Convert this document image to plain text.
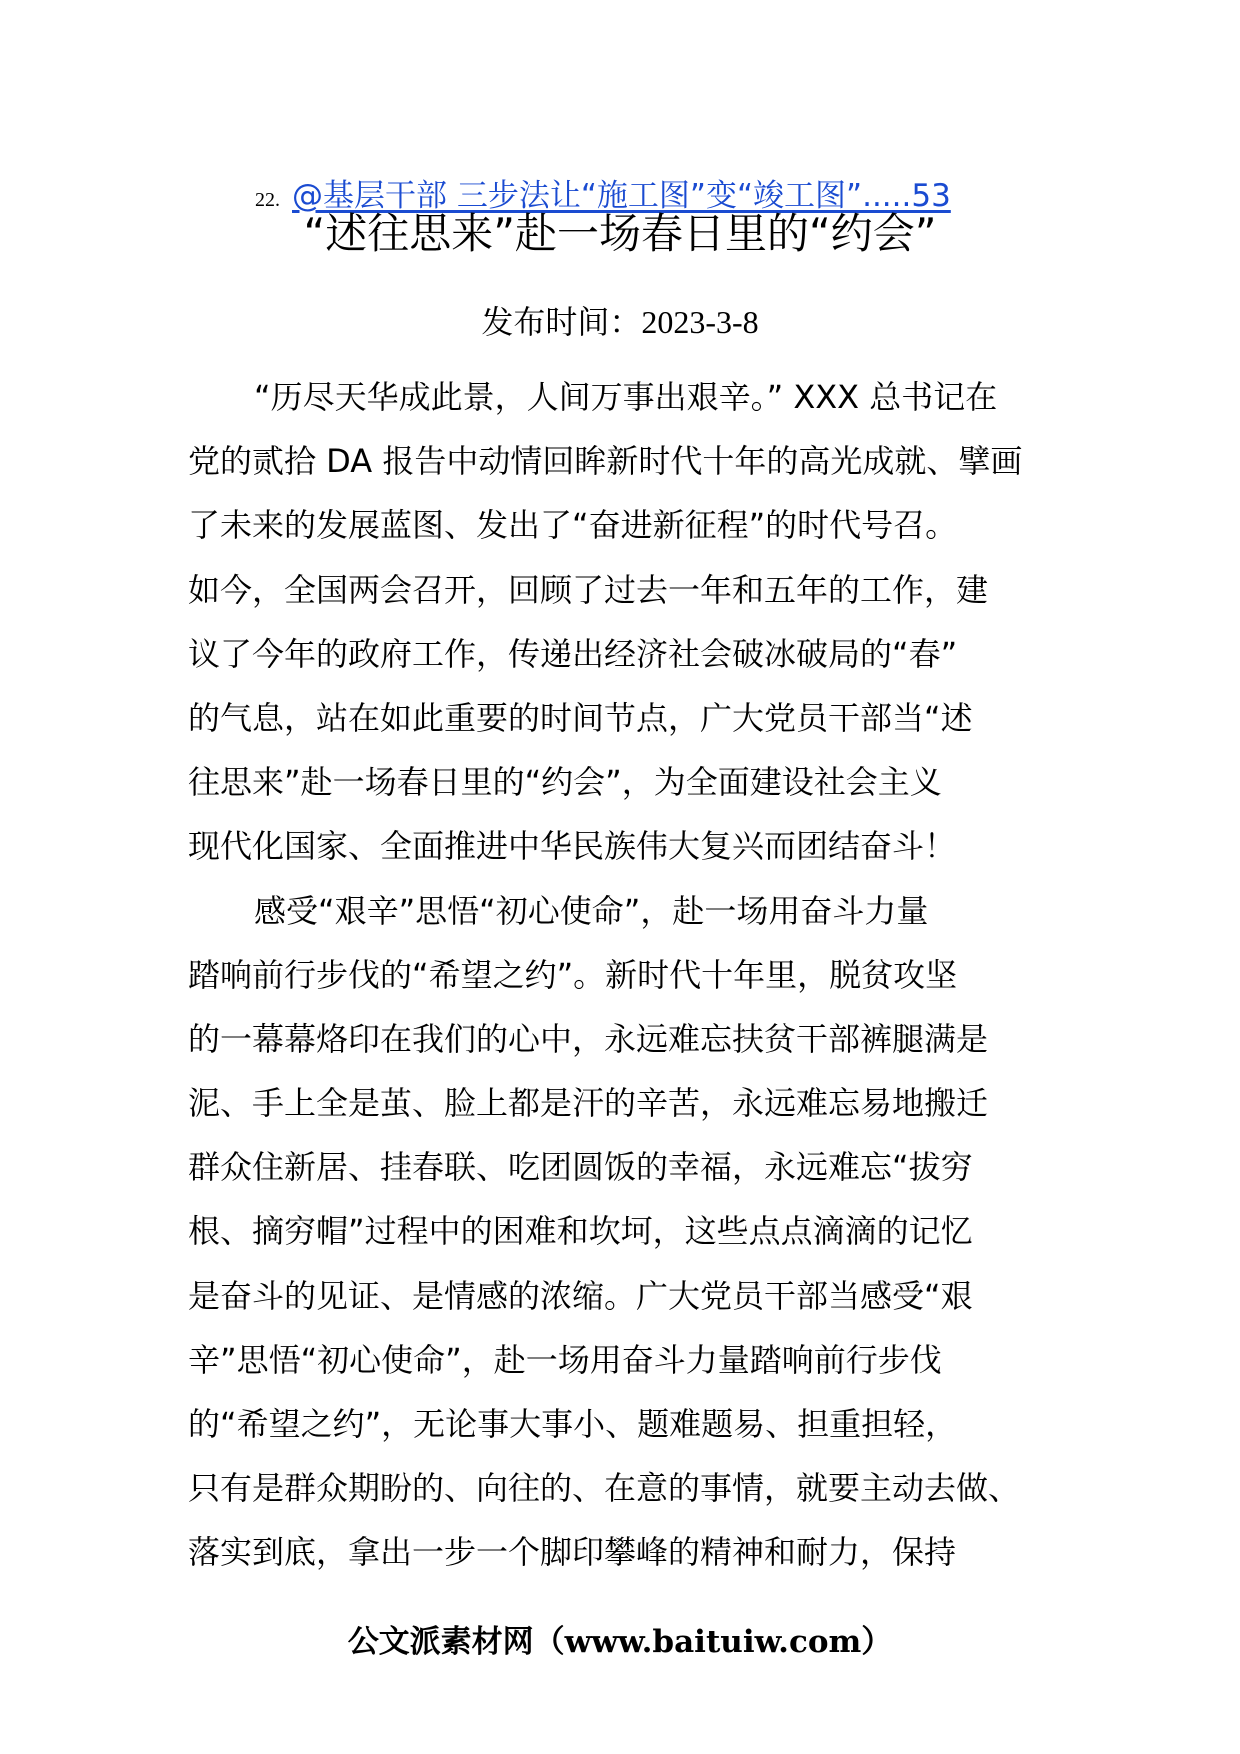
22. @基层干部 三步法让“施工图”变“竣工图”.....53
“述往思来”赴一场春日里的“约会”
发布时间：2023-3-8
“历尽天华成此景，人间万事出艰辛。” XXX 总书记在
党的贰拾 DA 报告中动情回眸新时代十年的高光成就、擘画
了未来的发展蓝图、发出了“奋进新征程”的时代号召。
如今，全国两会召开，回顾了过去一年和五年的工作，建
议了今年的政府工作，传递出经济社会破冰破局的“春”
的气息，站在如此重要的时间节点，广大党员干部当“述
往思来”赴一场春日里的“约会”，为全面建设社会主义
现代化国家、全面推进中华民族伟大复兴而团结奋斗！
感受“艰辛”思悟“初心使命”，赴一场用奋斗力量
踏响前行步伐的“希望之约”。新时代十年里，脱贫攻坚
的一幕幕烙印在我们的心中，永远难忘扶贫干部裤腿满是
泥、手上全是茧、脸上都是汗的辛苦，永远难忘易地搬迁
群众住新居、挂春联、吃团圆饭的幸福，永远难忘“拔穷
根、摘穷帽”过程中的困难和坎坷，这些点点滴滴的记忆
是奋斗的见证、是情感的浓缩。广大党员干部当感受“艰
辛”思悟“初心使命”，赴一场用奋斗力量踏响前行步伐
的“希望之约”，无论事大事小、题难题易、担重担轻，
只有是群众期盼的、向往的、在意的事情，就要主动去做、
落实到底，拿出一步一个脚印攀峰的精神和耐力，保持
公文派素材网（www.baituiw.com）
